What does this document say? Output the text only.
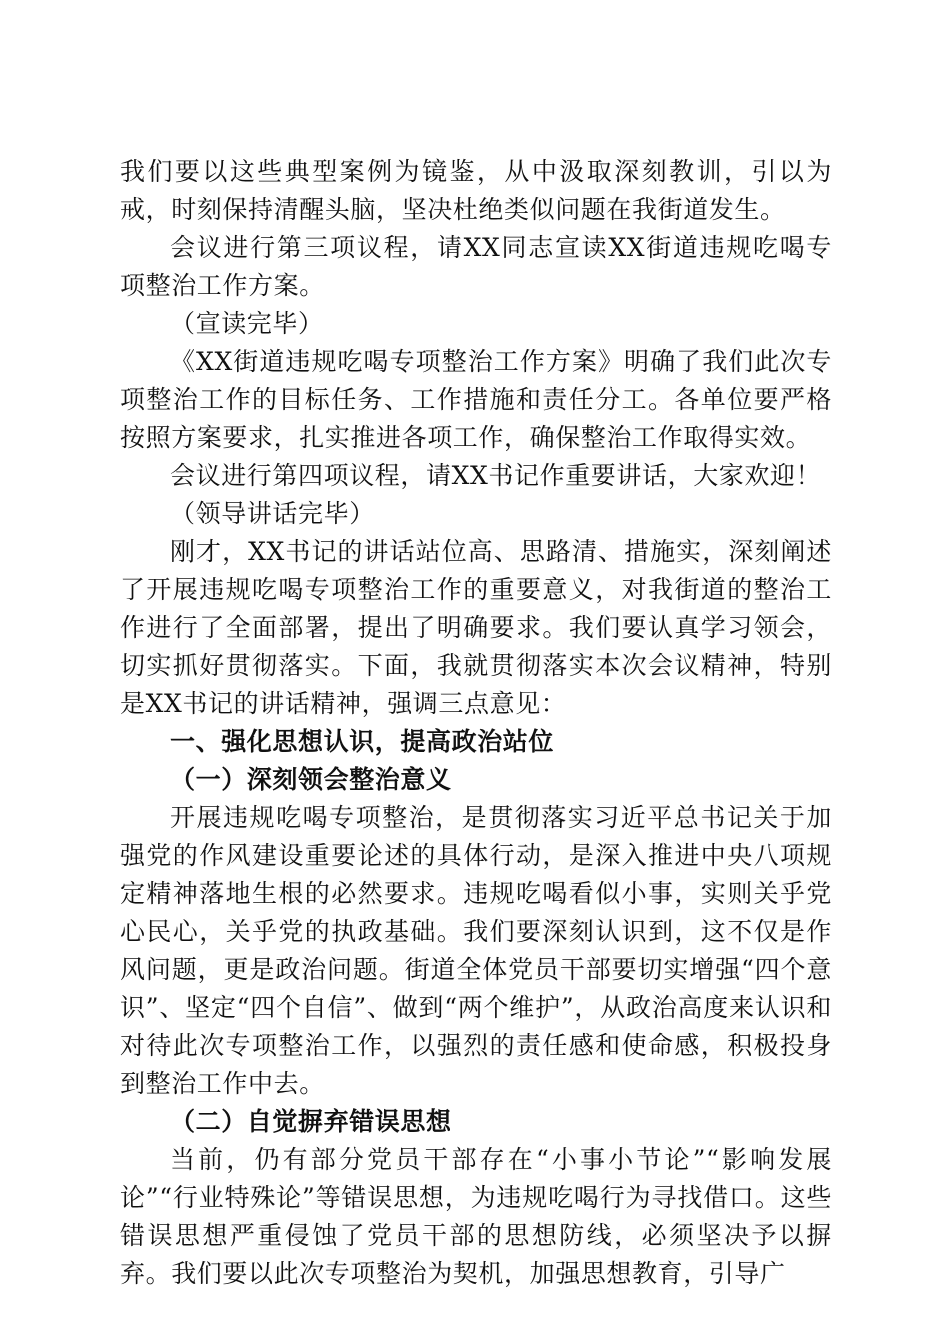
我们要以这些典型案例为镜鉴，从中汲取深刻教训，引以为戒，时刻保持清醒头脑，坚决杜绝类似问题在我街道发生。

会议进行第三项议程，请XX同志宣读XX街道违规吃喝专项整治工作方案。

（宣读完毕）

《XX街道违规吃喝专项整治工作方案》明确了我们此次专项整治工作的目标任务、工作措施和责任分工。各单位要严格按照方案要求，扎实推进各项工作，确保整治工作取得实效。

会议进行第四项议程，请XX书记作重要讲话，大家欢迎！

（领导讲话完毕）

刚才，XX书记的讲话站位高、思路清、措施实，深刻阐述了开展违规吃喝专项整治工作的重要意义，对我街道的整治工作进行了全面部署，提出了明确要求。我们要认真学习领会，切实抓好贯彻落实。下面，我就贯彻落实本次会议精神，特别是XX书记的讲话精神，强调三点意见：

一、强化思想认识，提高政治站位

（一）深刻领会整治意义

开展违规吃喝专项整治，是贯彻落实习近平总书记关于加强党的作风建设重要论述的具体行动，是深入推进中央八项规定精神落地生根的必然要求。违规吃喝看似小事，实则关乎党心民心，关乎党的执政基础。我们要深刻认识到，这不仅是作风问题，更是政治问题。街道全体党员干部要切实增强“四个意识”、坚定“四个自信”、做到“两个维护”，从政治高度来认识和对待此次专项整治工作，以强烈的责任感和使命感，积极投身到整治工作中去。

（二）自觉摒弃错误思想

当前，仍有部分党员干部存在“小事小节论”“影响发展论”“行业特殊论”等错误思想，为违规吃喝行为寻找借口。这些错误思想严重侵蚀了党员干部的思想防线，必须坚决予以摒弃。我们要以此次专项整治为契机，加强思想教育，引导广
